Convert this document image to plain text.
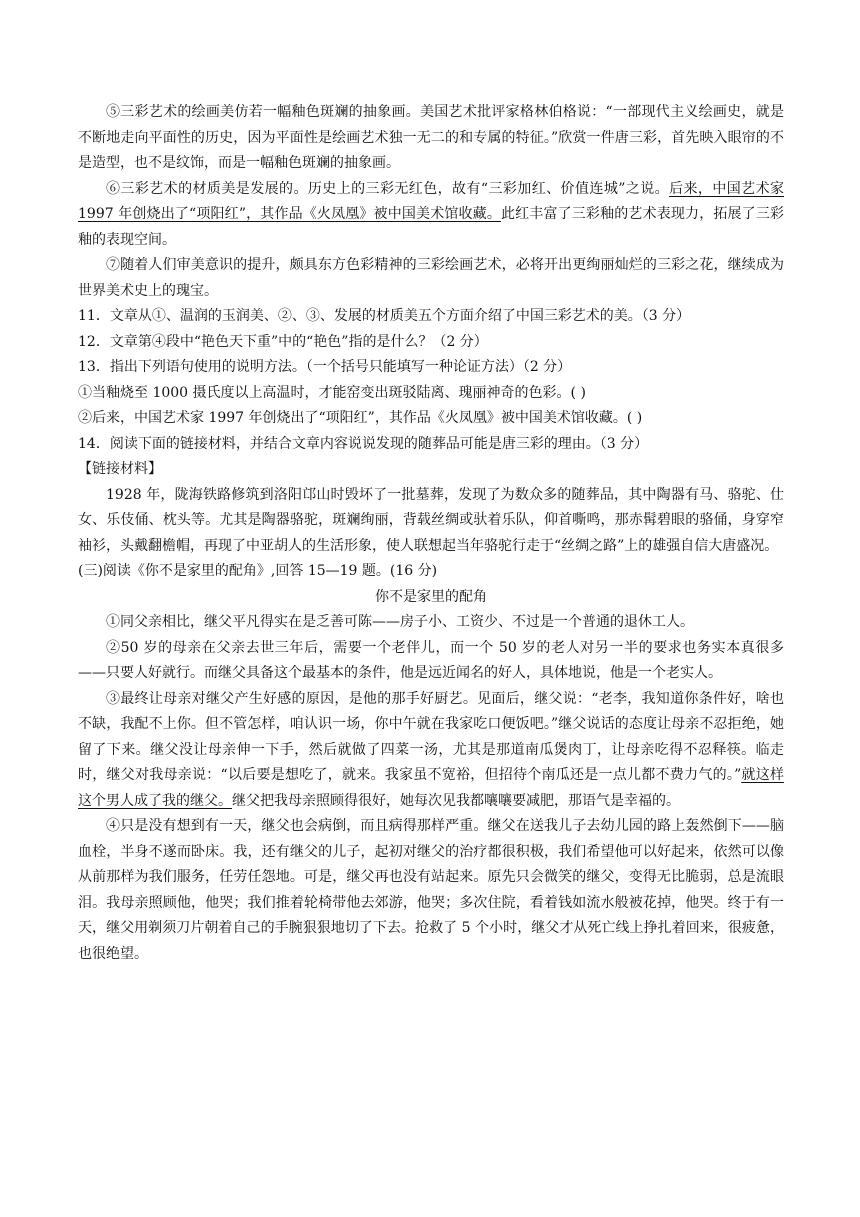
⑤三彩艺术的绘画美仿若一幅釉色斑斓的抽象画。美国艺术批评家格林伯格说：“一部现代主义绘画史，就是不断地走向平面性的历史，因为平面性是绘画艺术独一无二的和专属的特征。”欣赏一件唐三彩，首先映入眼帘的不是造型，也不是纹饰，而是一幅釉色斑斓的抽象画。

⑥三彩艺术的材质美是发展的。历史上的三彩无红色，故有“三彩加红、价值连城”之说。后来，中国艺术家 1997 年创烧出了“项阳红”，其作品《火凤凰》被中国美术馆收藏。此红丰富了三彩釉的艺术表现力，拓展了三彩釉的表现空间。

⑦随着人们审美意识的提升，颇具东方色彩精神的三彩绘画艺术，必将开出更绚丽灿烂的三彩之花，继续成为世界美术史上的瑰宝。

11．文章从①、温润的玉润美、②、③、发展的材质美五个方面介绍了中国三彩艺术的美。（3 分）

12．文章第④段中“艳色天下重”中的“艳色”指的是什么？（2 分）

13．指出下列语句使用的说明方法。（一个括号只能填写一种论证方法）（2 分）

①当釉烧至 1000 摄氏度以上高温时，才能窑变出斑驳陆离、瑰丽神奇的色彩。( )

②后来，中国艺术家 1997 年创烧出了“项阳红”，其作品《火凤凰》被中国美术馆收藏。( )

14．阅读下面的链接材料，并结合文章内容说说发现的随葬品可能是唐三彩的理由。（3 分）

【链接材料】

1928 年，陇海铁路修筑到洛阳邙山时毁坏了一批墓葬，发现了为数众多的随葬品，其中陶器有马、骆驼、仕女、乐伎俑、枕头等。尤其是陶器骆驼，斑斓绚丽，背载丝绸或驮着乐队，仰首嘶鸣，那赤髯碧眼的骆俑，身穿窄袖衫，头戴翻檐帽，再现了中亚胡人的生活形象，使人联想起当年骆驼行走于“丝绸之路”上的雄强自信大唐盛况。

(三)阅读《你不是家里的配角》,回答 15—19 题。(16 分)

你不是家里的配角

①同父亲相比，继父平凡得实在是乏善可陈——房子小、工资少、不过是一个普通的退休工人。

②50 岁的母亲在父亲去世三年后，需要一个老伴儿，而一个 50 岁的老人对另一半的要求也务实本真很多——只要人好就行。而继父具备这个最基本的条件，他是远近闻名的好人，具体地说，他是一个老实人。

③最终让母亲对继父产生好感的原因，是他的那手好厨艺。见面后，继父说：“老李，我知道你条件好，啥也不缺，我配不上你。但不管怎样，咱认识一场，你中午就在我家吃口便饭吧。”继父说话的态度让母亲不忍拒绝，她留了下来。继父没让母亲伸一下手，然后就做了四菜一汤，尤其是那道南瓜煲肉丁，让母亲吃得不忍释筷。临走时，继父对我母亲说：“以后要是想吃了，就来。我家虽不宽裕，但招待个南瓜还是一点儿都不费力气的。”就这样这个男人成了我的继父。继父把我母亲照顾得很好，她每次见我都嚷嚷要减肥，那语气是幸福的。

④只是没有想到有一天，继父也会病倒，而且病得那样严重。继父在送我儿子去幼儿园的路上轰然倒下——脑血栓，半身不遂而卧床。我，还有继父的儿子，起初对继父的治疗都很积极，我们希望他可以好起来，依然可以像从前那样为我们服务，任劳任怨地。可是，继父再也没有站起来。原先只会微笑的继父，变得无比脆弱，总是流眼泪。我母亲照顾他，他哭；我们推着轮椅带他去郊游，他哭；多次住院，看着钱如流水般被花掉，他哭。终于有一天，继父用剃须刀片朝着自己的手腕狠狠地切了下去。抢救了 5 个小时，继父才从死亡线上挣扎着回来，很疲惫，也很绝望。
